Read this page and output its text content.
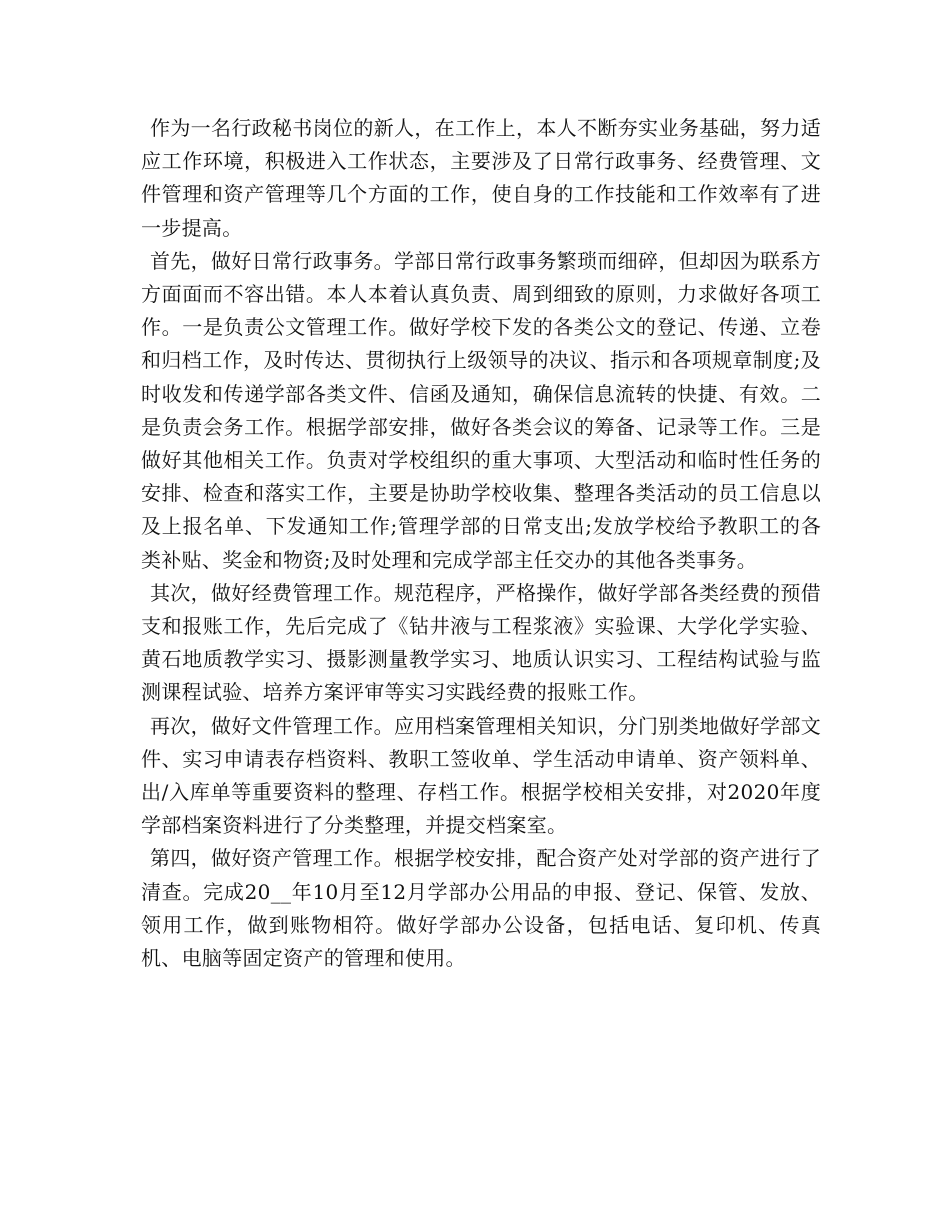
作为一名行政秘书岗位的新人，在工作上，本人不断夯实业务基础，努力适应工作环境，积极进入工作状态，主要涉及了日常行政事务、经费管理、文件管理和资产管理等几个方面的工作，使自身的工作技能和工作效率有了进一步提高。

首先，做好日常行政事务。学部日常行政事务繁琐而细碎，但却因为联系方方面面而不容出错。本人本着认真负责、周到细致的原则，力求做好各项工作。一是负责公文管理工作。做好学校下发的各类公文的登记、传递、立卷和归档工作，及时传达、贯彻执行上级领导的决议、指示和各项规章制度;及时收发和传递学部各类文件、信函及通知，确保信息流转的快捷、有效。二是负责会务工作。根据学部安排，做好各类会议的筹备、记录等工作。三是做好其他相关工作。负责对学校组织的重大事项、大型活动和临时性任务的安排、检查和落实工作，主要是协助学校收集、整理各类活动的员工信息以及上报名单、下发通知工作;管理学部的日常支出;发放学校给予教职工的各类补贴、奖金和物资;及时处理和完成学部主任交办的其他各类事务。

其次，做好经费管理工作。规范程序，严格操作，做好学部各类经费的预借支和报账工作，先后完成了《钻井液与工程浆液》实验课、大学化学实验、黄石地质教学实习、摄影测量教学实习、地质认识实习、工程结构试验与监测课程试验、培养方案评审等实习实践经费的报账工作。

再次，做好文件管理工作。应用档案管理相关知识，分门别类地做好学部文件、实习申请表存档资料、教职工签收单、学生活动申请单、资产领料单、出/入库单等重要资料的整理、存档工作。根据学校相关安排，对2020年度学部档案资料进行了分类整理，并提交档案室。

第四，做好资产管理工作。根据学校安排，配合资产处对学部的资产进行了清查。完成20__年10月至12月学部办公用品的申报、登记、保管、发放、领用工作，做到账物相符。做好学部办公设备，包括电话、复印机、传真机、电脑等固定资产的管理和使用。
